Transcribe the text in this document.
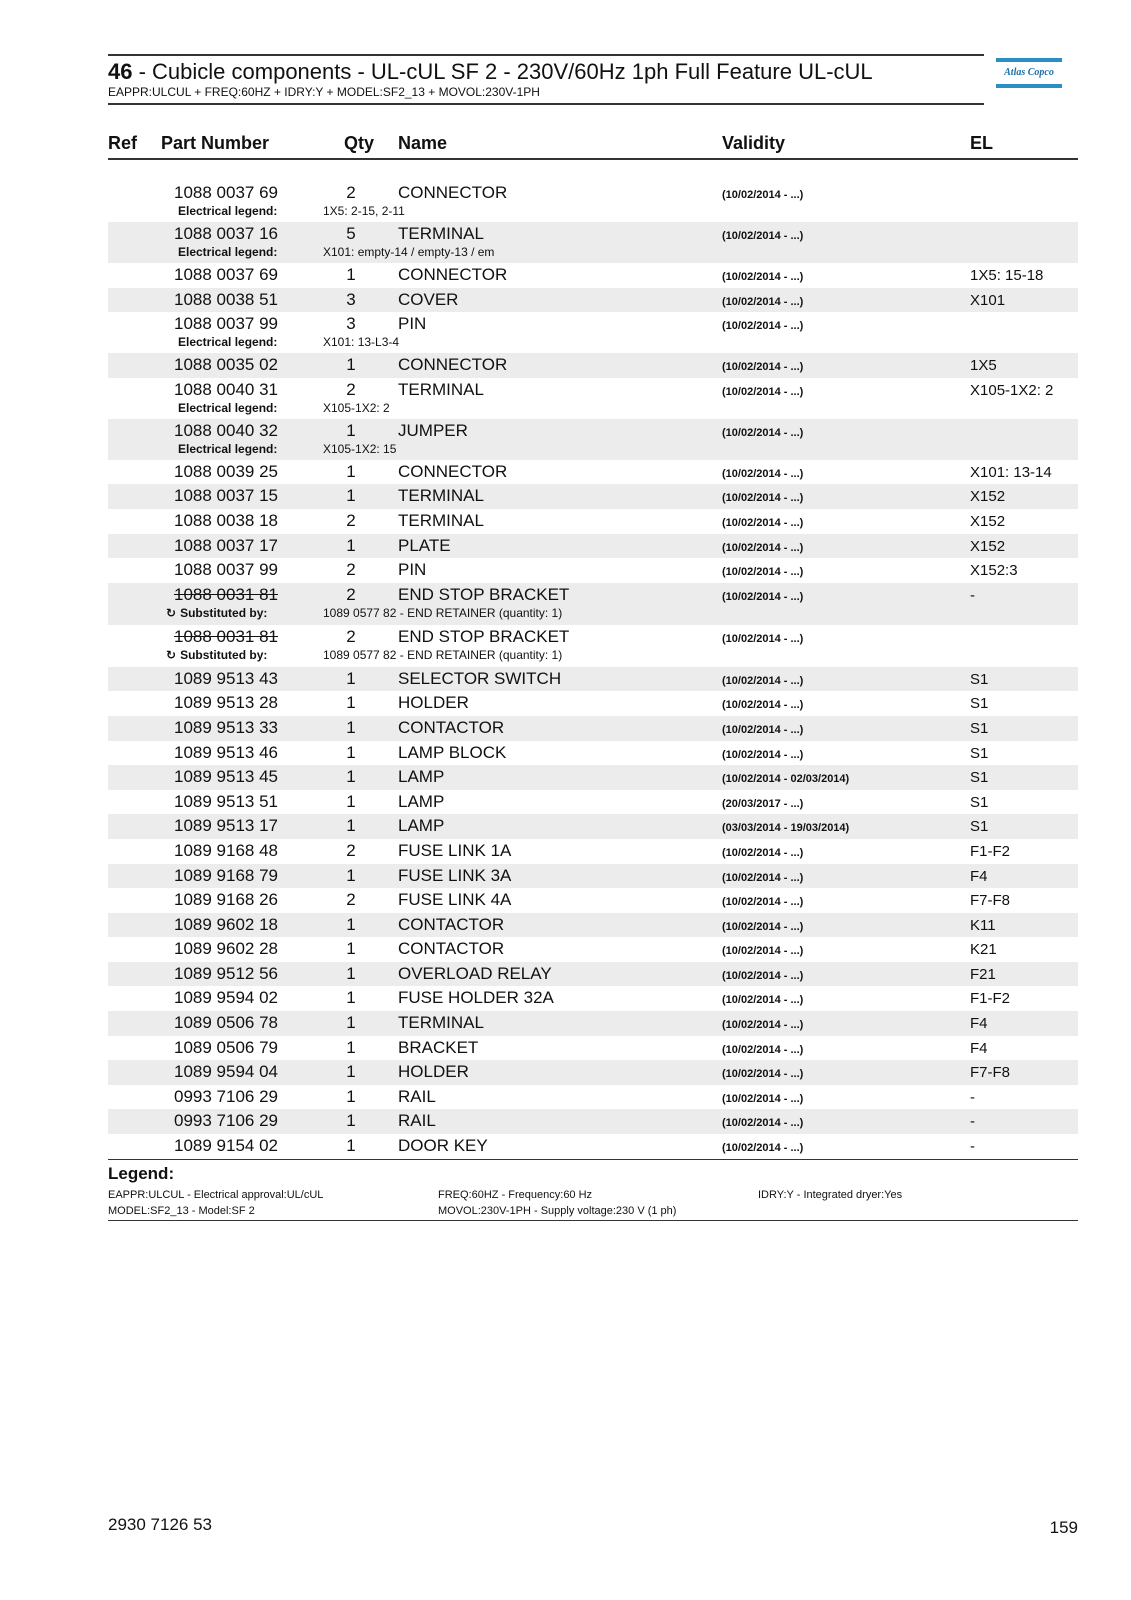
46 - Cubicle components - UL-cUL SF 2 - 230V/60Hz 1ph Full Feature UL-cUL
EAPPR:ULCUL + FREQ:60HZ + IDRY:Y + MODEL:SF2_13 + MOVOL:230V-1PH
Atlas Copco
Ref Part Number	Qty Name	Validity	EL
1088 0037 69	2 CONNECTOR	(10/02/2014 - ...)
Electrical legend:	1X5: 2-15, 2-11
1088 0037 16	5 TERMINAL	(10/02/2014 - ...)
Electrical legend:	X101: empty-14 / empty-13 / em
1088 0037 69	1 CONNECTOR	(10/02/2014 - ...)	1X5: 15-18
1088 0038 51	3 COVER	(10/02/2014 - ...)	X101
1088 0037 99	3 PIN	(10/02/2014 - ...)
Electrical legend:	X101: 13-L3-4
1088 0035 02	1 CONNECTOR	(10/02/2014 - ...)	1X5
1088 0040 31	2 TERMINAL	(10/02/2014 - ...)	X105-1X2: 2
Electrical legend:	X105-1X2: 2
1088 0040 32	1 JUMPER	(10/02/2014 - ...)
Electrical legend:	X105-1X2: 15
1088 0039 25	1 CONNECTOR	(10/02/2014 - ...)	X101: 13-14
1088 0037 15	1 TERMINAL	(10/02/2014 - ...)	X152
1088 0038 18	2 TERMINAL	(10/02/2014 - ...)	X152
1088 0037 17	1 PLATE	(10/02/2014 - ...)	X152
1088 0037 99	2 PIN	(10/02/2014 - ...)	X152:3
1088 0031 81	2 END STOP BRACKET	(10/02/2014 - ...)	-
↻ Substituted by:	1089 0577 82 - END RETAINER (quantity: 1)
1088 0031 81	2 END STOP BRACKET	(10/02/2014 - ...)
↻ Substituted by:	1089 0577 82 - END RETAINER (quantity: 1)
1089 9513 43	1 SELECTOR SWITCH	(10/02/2014 - ...)	S1
1089 9513 28	1 HOLDER	(10/02/2014 - ...)	S1
1089 9513 33	1 CONTACTOR	(10/02/2014 - ...)	S1
1089 9513 46	1 LAMP BLOCK	(10/02/2014 - ...)	S1
1089 9513 45	1 LAMP	(10/02/2014 - 02/03/2014)	S1
1089 9513 51	1 LAMP	(20/03/2017 - ...)	S1
1089 9513 17	1 LAMP	(03/03/2014 - 19/03/2014)	S1
1089 9168 48	2 FUSE LINK 1A	(10/02/2014 - ...)	F1-F2
1089 9168 79	1 FUSE LINK 3A	(10/02/2014 - ...)	F4
1089 9168 26	2 FUSE LINK 4A	(10/02/2014 - ...)	F7-F8
1089 9602 18	1 CONTACTOR	(10/02/2014 - ...)	K11
1089 9602 28	1 CONTACTOR	(10/02/2014 - ...)	K21
1089 9512 56	1 OVERLOAD RELAY	(10/02/2014 - ...)	F21
1089 9594 02	1 FUSE HOLDER 32A	(10/02/2014 - ...)	F1-F2
1089 0506 78	1 TERMINAL	(10/02/2014 - ...)	F4
1089 0506 79	1 BRACKET	(10/02/2014 - ...)	F4
1089 9594 04	1 HOLDER	(10/02/2014 - ...)	F7-F8
0993 7106 29	1 RAIL	(10/02/2014 - ...)	-
0993 7106 29	1 RAIL	(10/02/2014 - ...)	-
1089 9154 02	1 DOOR KEY	(10/02/2014 - ...)	-
Legend:
EAPPR:ULCUL - Electrical approval:UL/cUL	FREQ:60HZ - Frequency:60 Hz	IDRY:Y - Integrated dryer:Yes
MODEL:SF2_13 - Model:SF 2	MOVOL:230V-1PH - Supply voltage:230 V (1 ph)
2930 7126 53	159
